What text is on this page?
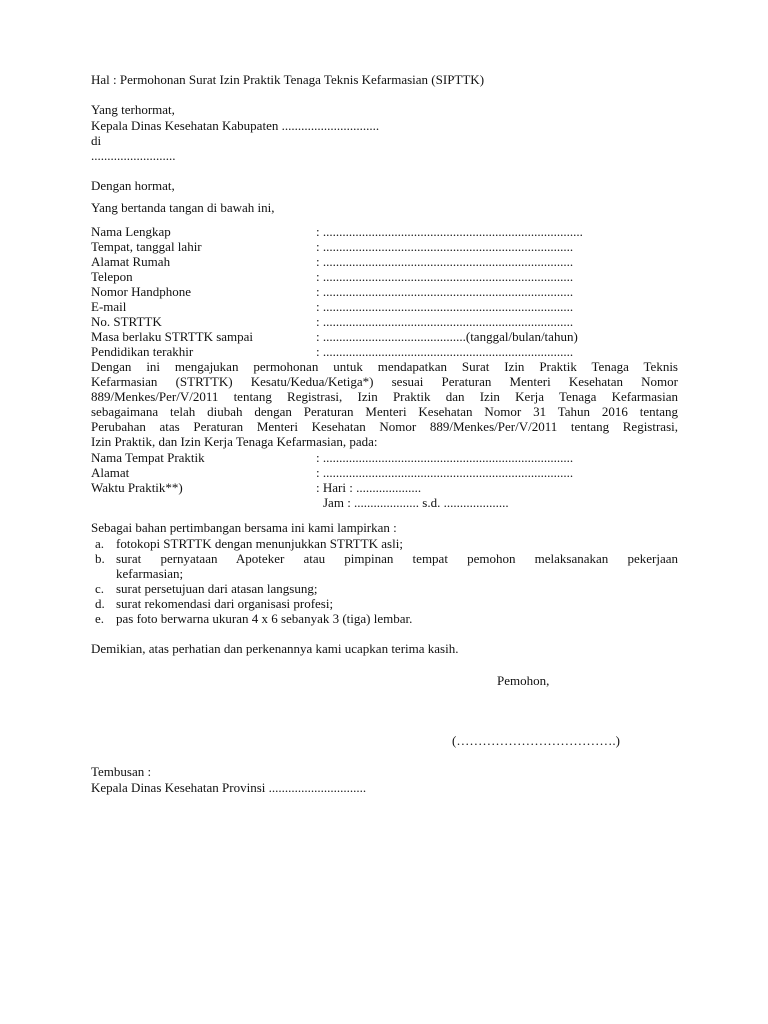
Hal : Permohonan Surat Izin Praktik Tenaga Teknis Kefarmasian (SIPTTK)
Yang terhormat,
Kepala Dinas Kesehatan Kabupaten ..............................
di
..........................
Dengan hormat,
Yang bertanda tangan di bawah ini,
Nama Lengkap	: ................................................................................
Tempat, tanggal lahir	: .............................................................................
Alamat Rumah	: .............................................................................
Telepon	: .............................................................................
Nomor Handphone	: .............................................................................
E-mail	: .............................................................................
No. STRTTK	: .............................................................................
Masa berlaku STRTTK sampai	: ............................................(tanggal/bulan/tahun)
Pendidikan terakhir	: .............................................................................
Dengan ini mengajukan permohonan untuk mendapatkan Surat Izin Praktik Tenaga Teknis
Kefarmasian (STRTTK) Kesatu/Kedua/Ketiga*) sesuai Peraturan Menteri Kesehatan Nomor
889/Menkes/Per/V/2011 tentang Registrasi, Izin Praktik dan Izin Kerja Tenaga Kefarmasian
sebagaimana telah diubah dengan Peraturan Menteri Kesehatan Nomor 31 Tahun 2016 tentang
Perubahan atas Peraturan Menteri Kesehatan Nomor 889/Menkes/Per/V/2011 tentang Registrasi,
Izin Praktik, dan Izin Kerja Tenaga Kefarmasian, pada:
Nama Tempat Praktik	: .............................................................................
Alamat	: .............................................................................
Waktu Praktik**)	: Hari : ....................
Jam : .................... s.d. ....................
Sebagai bahan pertimbangan bersama ini kami lampirkan :
a. fotokopi STRTTK dengan menunjukkan STRTTK asli;
b. surat pernyataan Apoteker atau pimpinan tempat pemohon melaksanakan pekerjaan
kefarmasian;
c. surat persetujuan dari atasan langsung;
d. surat rekomendasi dari organisasi profesi;
e. pas foto berwarna ukuran 4 x 6 sebanyak 3 (tiga) lembar.
Demikian, atas perhatian dan perkenannya kami ucapkan terima kasih.
Pemohon,
(……………………………….)
Tembusan :
Kepala Dinas Kesehatan Provinsi ..............................
